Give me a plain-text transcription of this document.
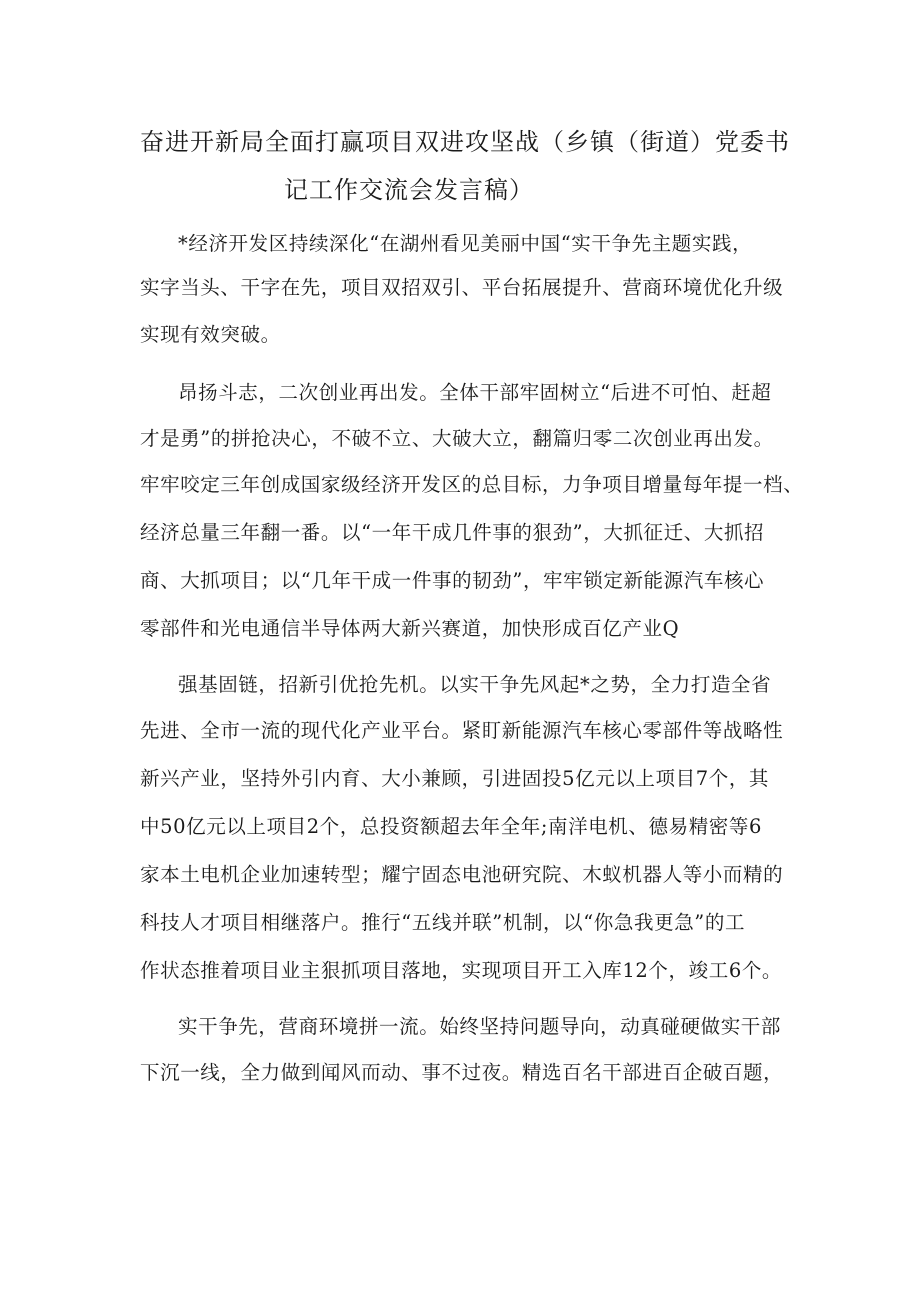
奋进开新局全面打赢项目双进攻坚战（乡镇（街道）党委书
记工作交流会发言稿）
*经济开发区持续深化“在湖州看见美丽中国“实干争先主题实践，
实字当头、干字在先，项目双招双引、平台拓展提升、营商环境优化升级
实现有效突破。
昂扬斗志，二次创业再出发。全体干部牢固树立“后进不可怕、赶超
才是勇”的拼抢决心，不破不立、大破大立，翻篇归零二次创业再出发。
牢牢咬定三年创成国家级经济开发区的总目标，力争项目增量每年提一档、
经济总量三年翻一番。以“一年干成几件事的狠劲”，大抓征迁、大抓招
商、大抓项目；以“几年干成一件事的韧劲”，牢牢锁定新能源汽车核心
零部件和光电通信半导体两大新兴赛道，加快形成百亿产业Q
强基固链，招新引优抢先机。以实干争先风起*之势，全力打造全省
先进、全市一流的现代化产业平台。紧盯新能源汽车核心零部件等战略性
新兴产业，坚持外引内育、大小兼顾，引进固投5亿元以上项目7个，其
中50亿元以上项目2个，总投资额超去年全年;南洋电机、德易精密等6
家本土电机企业加速转型；耀宁固态电池研究院、木蚁机器人等小而精的
科技人才项目相继落户。推行“五线并联”机制，以“你急我更急”的工
作状态推着项目业主狠抓项目落地，实现项目开工入库12个，竣工6个。
实干争先，营商环境拼一流。始终坚持问题导向，动真碰硬做实干部
下沉一线，全力做到闻风而动、事不过夜。精选百名干部进百企破百题，
